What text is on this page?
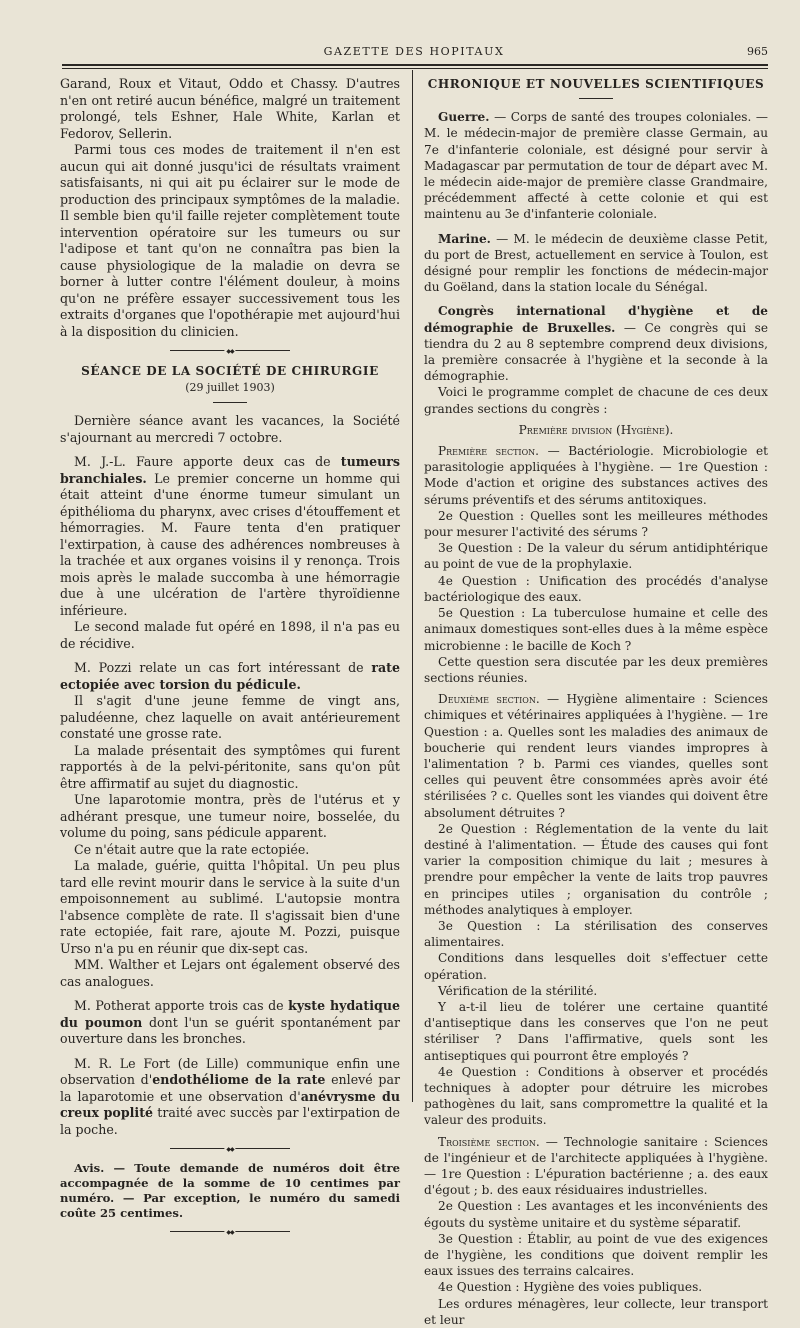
GAZETTE DES HOPITAUX	965

Garand, Roux et Vitaut, Oddo et Chassy. D'autres n'en ont retiré aucun bénéfice, malgré un traitement prolongé, tels Eshner, Hale White, Karlan et Fedorov, Sellerin.

Parmi tous ces modes de traitement il n'en est aucun qui ait donné jusqu'ici de résultats vraiment satisfaisants, ni qui ait pu éclairer sur le mode de production des principaux symptômes de la maladie. Il semble bien qu'il faille rejeter complètement toute intervention opératoire sur les tumeurs ou sur l'adipose et tant qu'on ne connaîtra pas bien la cause physiologique de la maladie on devra se borner à lutter contre l'élément douleur, à moins qu'on ne préfère essayer successivement tous les extraits d'organes que l'opothérapie met aujourd'hui à la disposition du clinicien.

◆◆
SÉANCE DE LA SOCIÉTÉ DE CHIRURGIE

(29 juillet 1903)

Dernière séance avant les vacances, la Société s'ajournant au mercredi 7 octobre.

M. J.-L. Faure apporte deux cas de tumeurs branchiales. Le premier concerne un homme qui était atteint d'une énorme tumeur simulant un épithélioma du pharynx, avec crises d'étouffement et hémorragies. M. Faure tenta d'en pratiquer l'extirpation, à cause des adhérences nombreuses à la trachée et aux organes voisins il y renonça. Trois mois après le malade succomba à une hémorragie due à une ulcération de l'artère thyroïdienne inférieure.

Le second malade fut opéré en 1898, il n'a pas eu de récidive.

M. Pozzi relate un cas fort intéressant de rate ectopiée avec torsion du pédicule.

Il s'agit d'une jeune femme de vingt ans, paludéenne, chez laquelle on avait antérieurement constaté une grosse rate.

La malade présentait des symptômes qui furent rapportés à de la pelvi-péritonite, sans qu'on pût être affirmatif au sujet du diagnostic.

Une laparotomie montra, près de l'utérus et y adhérant presque, une tumeur noire, bosselée, du volume du poing, sans pédicule apparent.

Ce n'était autre que la rate ectopiée.

La malade, guérie, quitta l'hôpital. Un peu plus tard elle revint mourir dans le service à la suite d'un empoisonnement au sublimé. L'autopsie montra l'absence complète de rate. Il s'agissait bien d'une rate ectopiée, fait rare, ajoute M. Pozzi, puisque Urso n'a pu en réunir que dix-sept cas.

MM. Walther et Lejars ont également observé des cas analogues.

M. Potherat apporte trois cas de kyste hydatique du poumon dont l'un se guérit spontanément par ouverture dans les bronches.

M. R. Le Fort (de Lille) communique enfin une observation d'endothéliome de la rate enlevé par la laparotomie et une observation d'anévrysme du creux poplité traité avec succès par l'extirpation de la poche.

◆◆

Avis. — Toute demande de numéros doit être accompagnée de la somme de 10 centimes par numéro. — Par exception, le numéro du samedi coûte 25 centimes.

◆◆
CHRONIQUE ET NOUVELLES SCIENTIFIQUES

Guerre. — Corps de santé des troupes coloniales. — M. le médecin-major de première classe Germain, au 7e d'infanterie coloniale, est désigné pour servir à Madagascar par permutation de tour de départ avec M. le médecin aide-major de première classe Grandmaire, précédemment affecté à cette colonie et qui est maintenu au 3e d'infanterie coloniale.

Marine. — M. le médecin de deuxième classe Petit, du port de Brest, actuellement en service à Toulon, est désigné pour remplir les fonctions de médecin-major du Goëland, dans la station locale du Sénégal.

Congrès international d'hygiène et de démographie de Bruxelles. — Ce congrès qui se tiendra du 2 au 8 septembre comprend deux divisions, la première consacrée à l'hygiène et la seconde à la démographie.

Voici le programme complet de chacune de ces deux grandes sections du congrès :

Première division (Hygiène).

Première section. — Bactériologie. Microbiologie et parasitologie appliquées à l'hygiène. — 1re Question : Mode d'action et origine des substances actives des sérums préventifs et des sérums antitoxiques.

2e Question : Quelles sont les meilleures méthodes pour mesurer l'activité des sérums ?

3e Question : De la valeur du sérum antidiphtérique au point de vue de la prophylaxie.

4e Question : Unification des procédés d'analyse bactériologique des eaux.

5e Question : La tuberculose humaine et celle des animaux domestiques sont-elles dues à la même espèce microbienne : le bacille de Koch ?

Cette question sera discutée par les deux premières sections réunies.

Deuxième section. — Hygiène alimentaire : Sciences chimiques et vétérinaires appliquées à l'hygiène. — 1re Question : a. Quelles sont les maladies des animaux de boucherie qui rendent leurs viandes impropres à l'alimentation ? b. Parmi ces viandes, quelles sont celles qui peuvent être consommées après avoir été stérilisées ? c. Quelles sont les viandes qui doivent être absolument détruites ?

2e Question : Réglementation de la vente du lait destiné à l'alimentation. — Étude des causes qui font varier la composition chimique du lait ; mesures à prendre pour empêcher la vente de laits trop pauvres en principes utiles ; organisation du contrôle ; méthodes analytiques à employer.

3e Question : La stérilisation des conserves alimentaires.

Conditions dans lesquelles doit s'effectuer cette opération.

Vérification de la stérilité.

Y a-t-il lieu de tolérer une certaine quantité d'antiseptique dans les conserves que l'on ne peut stériliser ? Dans l'affirmative, quels sont les antiseptiques qui pourront être employés ?

4e Question : Conditions à observer et procédés techniques à adopter pour détruire les microbes pathogènes du lait, sans compromettre la qualité et la valeur des produits.

Troisième section. — Technologie sanitaire : Sciences de l'ingénieur et de l'architecte appliquées à l'hygiène. — 1re Question : L'épuration bactérienne ; a. des eaux d'égout ; b. des eaux résiduaires industrielles.

2e Question : Les avantages et les inconvénients des égouts du système unitaire et du système séparatif.

3e Question : Établir, au point de vue des exigences de l'hygiène, les conditions que doivent remplir les eaux issues des terrains calcaires.

4e Question : Hygiène des voies publiques.

Les ordures ménagères, leur collecte, leur transport et leur
